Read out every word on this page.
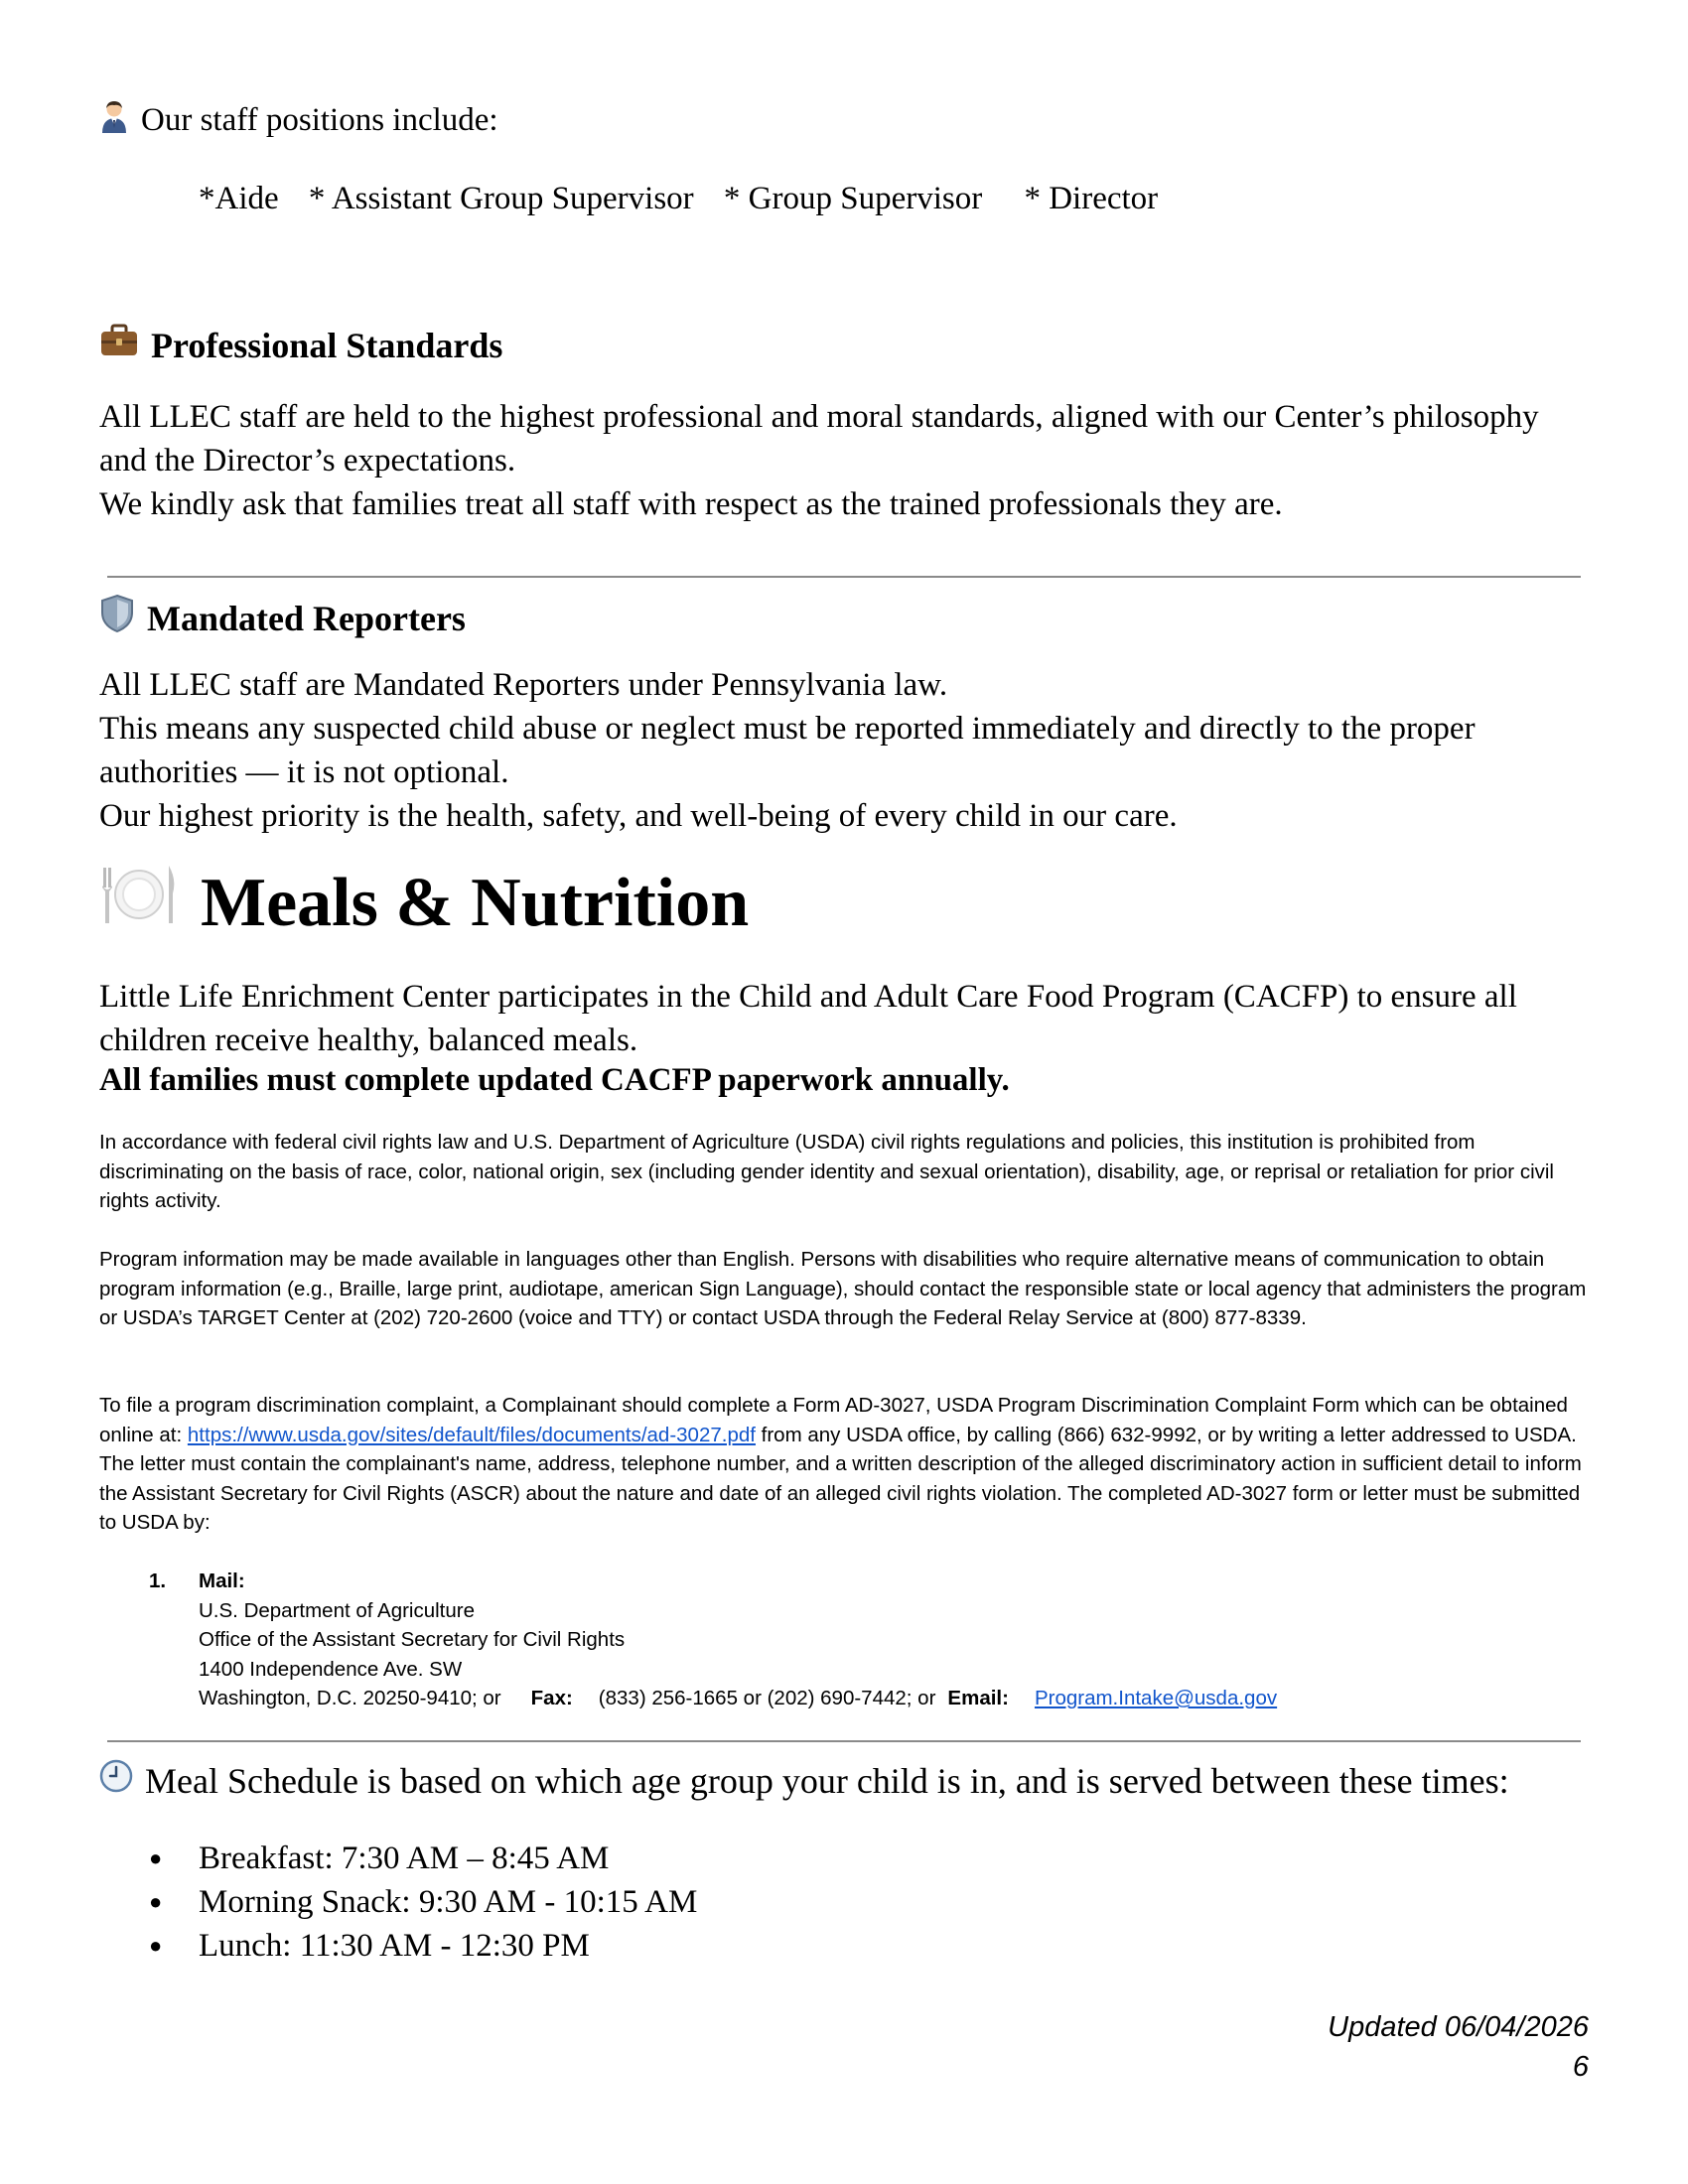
Our staff positions include:
*Aide * Assistant Group Supervisor * Group Supervisor * Director
Professional Standards
All LLEC staff are held to the highest professional and moral standards, aligned with our Center’s philosophy and the Director’s expectations.
We kindly ask that families treat all staff with respect as the trained professionals they are.
Mandated Reporters
All LLEC staff are Mandated Reporters under Pennsylvania law.
This means any suspected child abuse or neglect must be reported immediately and directly to the proper authorities — it is not optional.
Our highest priority is the health, safety, and well-being of every child in our care.
Meals & Nutrition
Little Life Enrichment Center participates in the Child and Adult Care Food Program (CACFP) to ensure all children receive healthy, balanced meals.
All families must complete updated CACFP paperwork annually.
In accordance with federal civil rights law and U.S. Department of Agriculture (USDA) civil rights regulations and policies, this institution is prohibited from discriminating on the basis of race, color, national origin, sex (including gender identity and sexual orientation), disability, age, or reprisal or retaliation for prior civil rights activity.
Program information may be made available in languages other than English. Persons with disabilities who require alternative means of communication to obtain program information (e.g., Braille, large print, audiotape, american Sign Language), should contact the responsible state or local agency that administers the program or USDA’s TARGET Center at (202) 720-2600 (voice and TTY) or contact USDA through the Federal Relay Service at (800) 877-8339.
To file a program discrimination complaint, a Complainant should complete a Form AD-3027, USDA Program Discrimination Complaint Form which can be obtained online at: https://www.usda.gov/sites/default/files/documents/ad-3027.pdf from any USDA office, by calling (866) 632-9992, or by writing a letter addressed to USDA. The letter must contain the complainant's name, address, telephone number, and a written description of the alleged discriminatory action in sufficient detail to inform the Assistant Secretary for Civil Rights (ASCR) about the nature and date of an alleged civil rights violation. The completed AD-3027 form or letter must be submitted to USDA by:
1. Mail:
U.S. Department of Agriculture
Office of the Assistant Secretary for Civil Rights
1400 Independence Ave. SW
Washington, D.C. 20250-9410; or Fax: (833) 256-1665 or (202) 690-7442; or Email: Program.Intake@usda.gov
Meal Schedule is based on which age group your child is in, and is served between these times:
● Breakfast: 7:30 AM – 8:45 AM
● Morning Snack: 9:30 AM - 10:15 AM
● Lunch: 11:30 AM - 12:30 PM
Updated 06/04/2026
6
